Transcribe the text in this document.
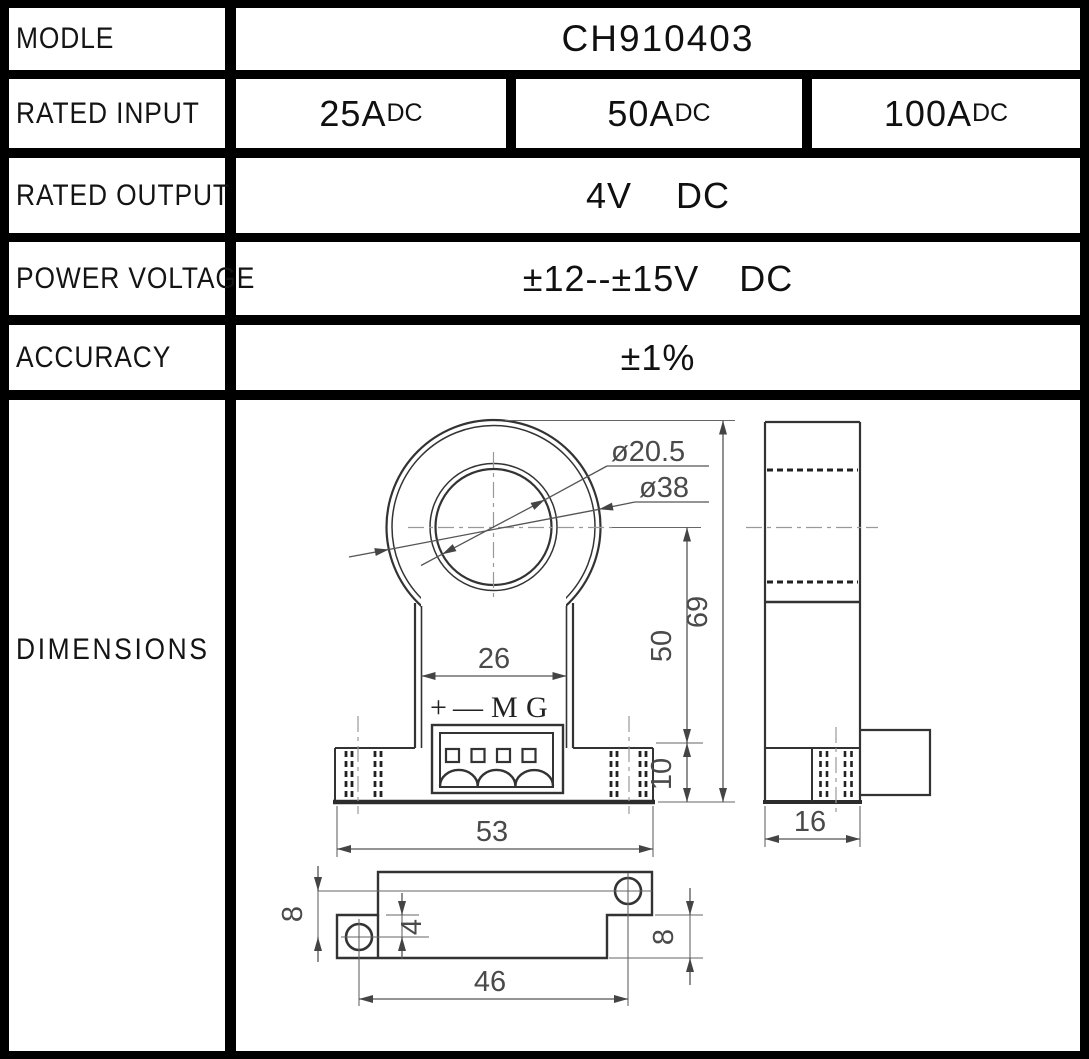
MODLE	CH910403
RATED INPUT	25A DC	50A DC	100A DC
RATED OUTPUT	4V DC
POWER VOLTAGE	±12--±15V DC
ACCURACY	±1%
DIMENSIONS
+ — M G
26
69
50
10
ø20.5
ø38
53	16
8
4
8
46
